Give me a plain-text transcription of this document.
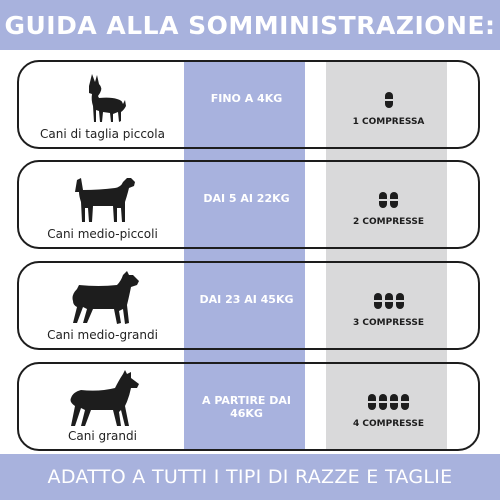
GUIDA ALLA SOMMINISTRAZIONE:
Cani di taglia piccola
FINO A 4KG
1 COMPRESSA
Cani medio-piccoli
DAI 5 AI 22KG
2 COMPRESSE
Cani medio-grandi
DAI 23 AI 45KG
3 COMPRESSE
Cani grandi
A PARTIRE DAI 46KG
4 COMPRESSE
ADATTO A TUTTI I TIPI DI RAZZE E TAGLIE
